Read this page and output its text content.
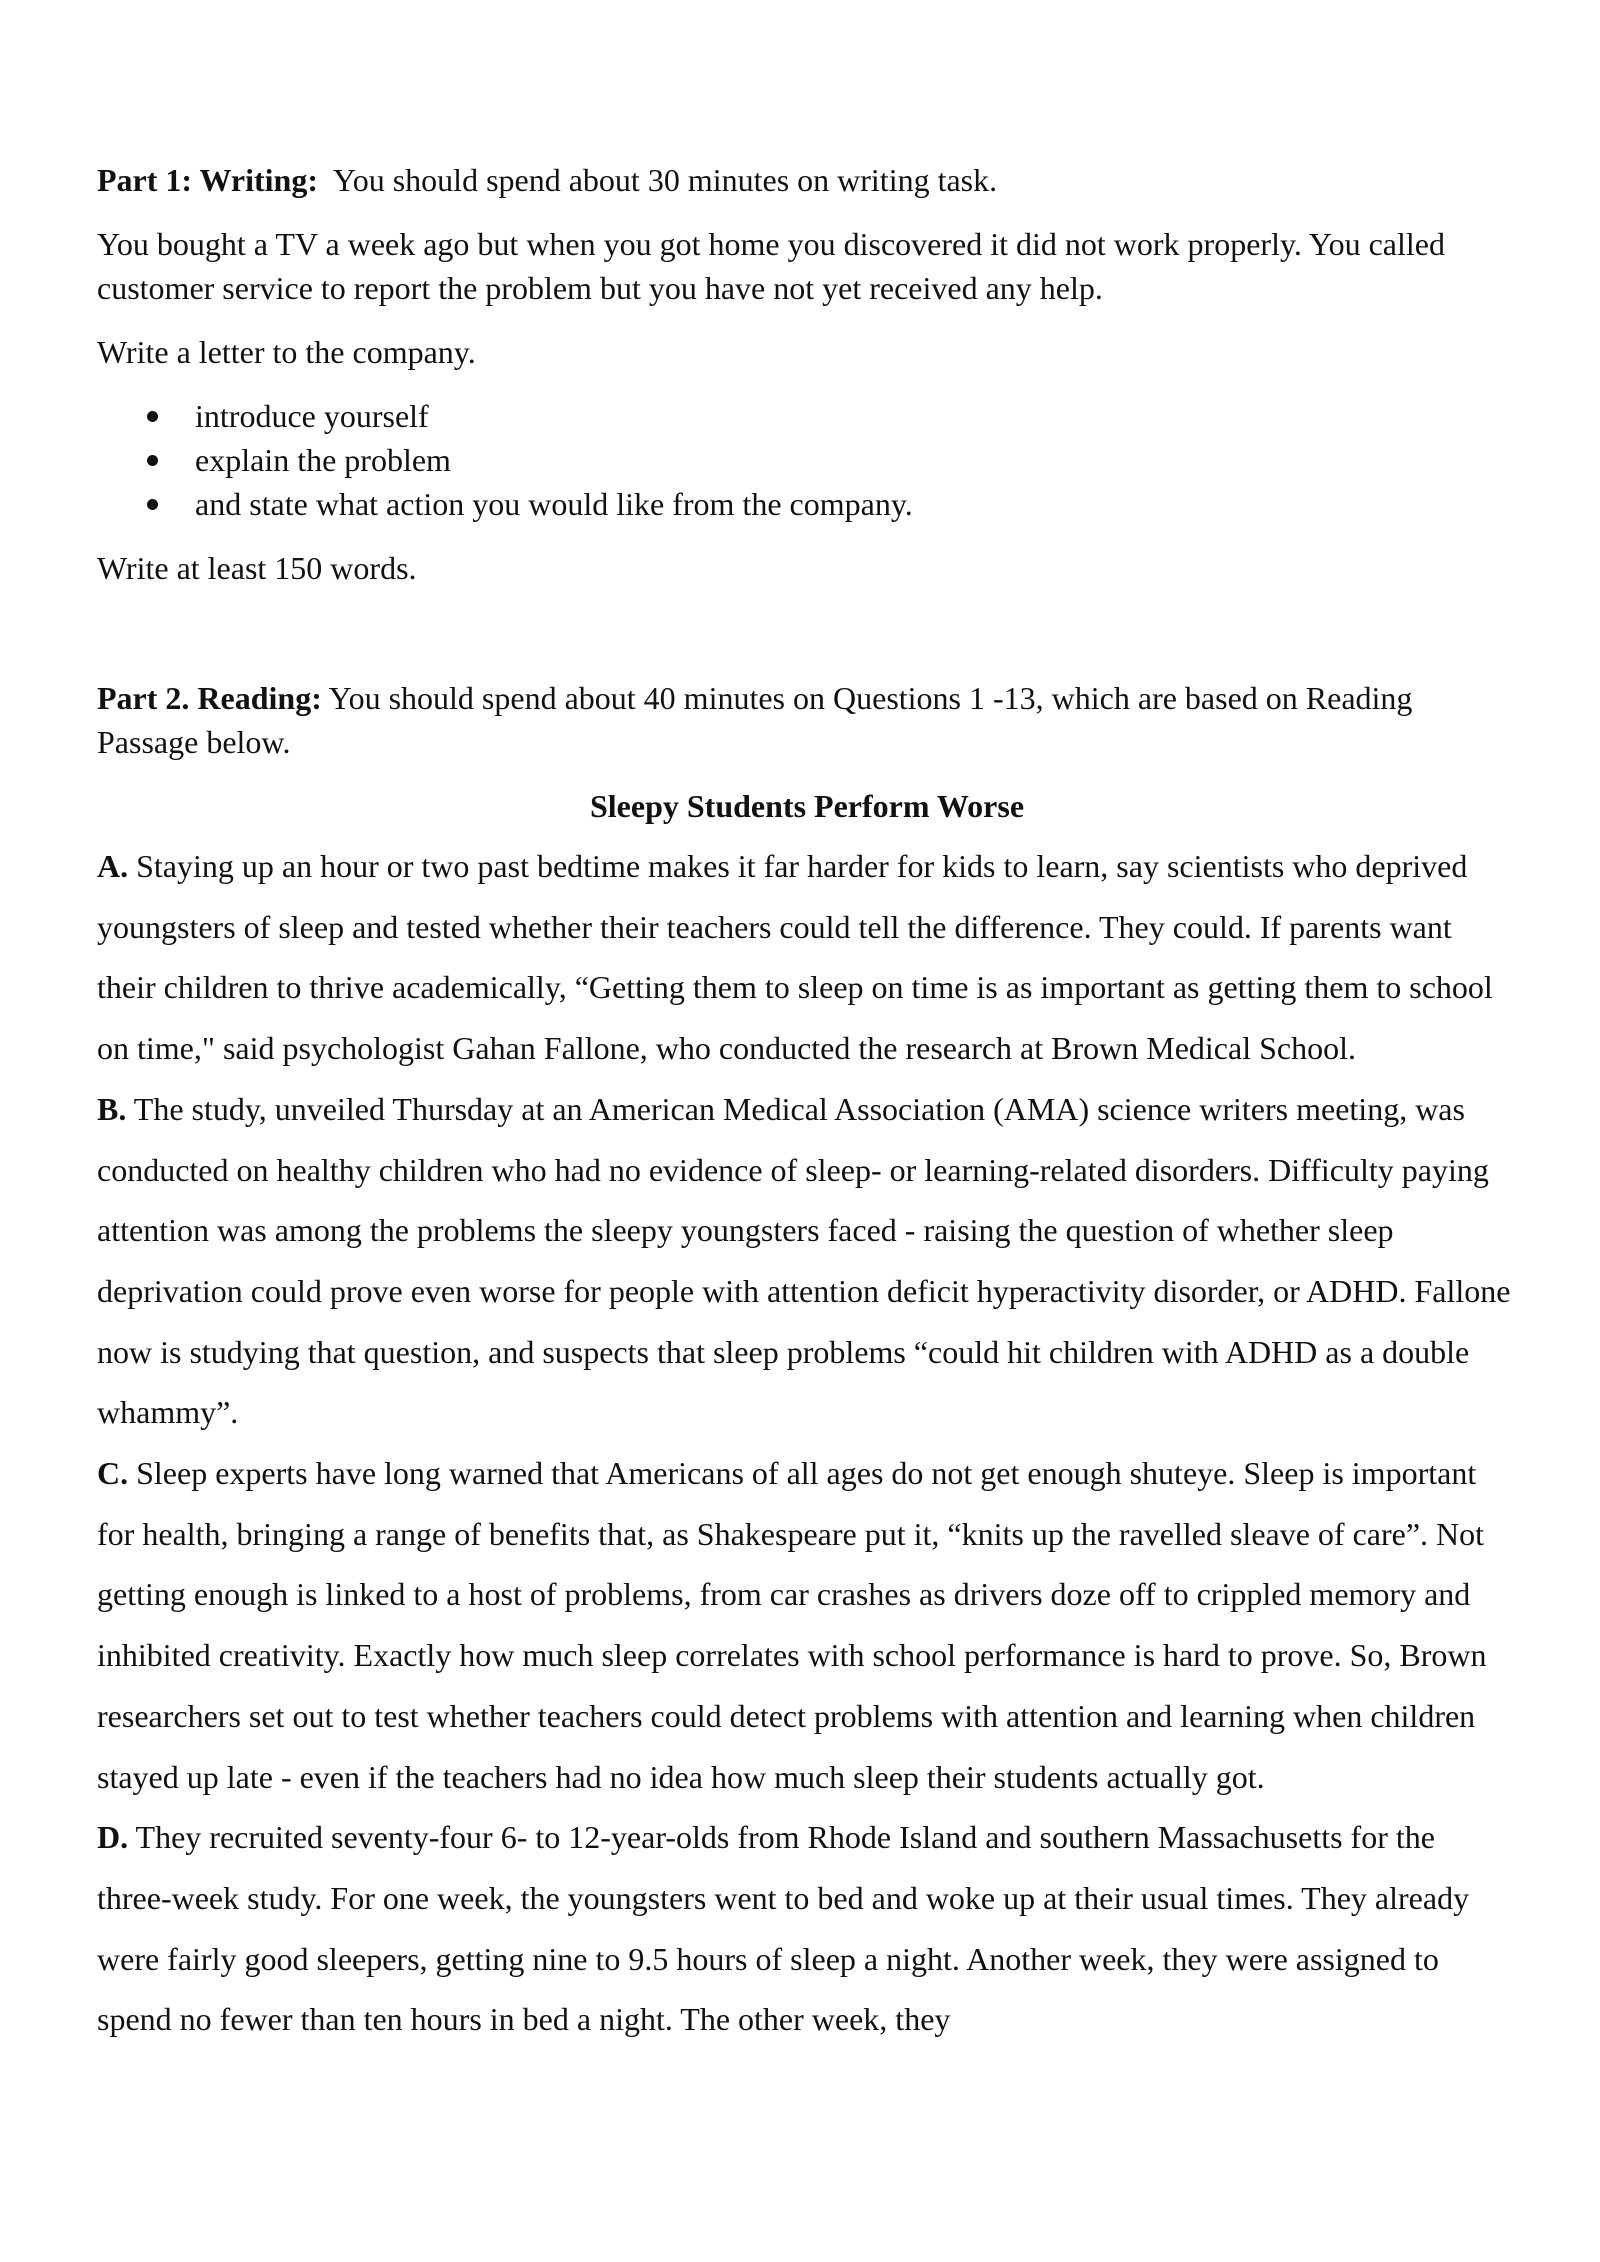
Part 1: Writing: You should spend about 30 minutes on writing task.

You bought a TV a week ago but when you got home you discovered it did not work properly. You called customer service to report the problem but you have not yet received any help.

Write a letter to the company.

introduce yourself
explain the problem
and state what action you would like from the company.

Write at least 150 words.

Part 2. Reading: You should spend about 40 minutes on Questions 1 -13, which are based on Reading Passage below.

Sleepy Students Perform Worse

A. Staying up an hour or two past bedtime makes it far harder for kids to learn, say scientists who deprived youngsters of sleep and tested whether their teachers could tell the difference. They could. If parents want their children to thrive academically, “Getting them to sleep on time is as important as getting them to school on time," said psychologist Gahan Fallone, who conducted the research at Brown Medical School.

B. The study, unveiled Thursday at an American Medical Association (AMA) science writers meeting, was conducted on healthy children who had no evidence of sleep- or learning-related disorders. Difficulty paying attention was among the problems the sleepy youngsters faced - raising the question of whether sleep deprivation could prove even worse for people with attention deficit hyperactivity disorder, or ADHD. Fallone now is studying that question, and suspects that sleep problems “could hit children with ADHD as a double whammy”.

C. Sleep experts have long warned that Americans of all ages do not get enough shuteye. Sleep is important for health, bringing a range of benefits that, as Shakespeare put it, “knits up the ravelled sleave of care”. Not getting enough is linked to a host of problems, from car crashes as drivers doze off to crippled memory and inhibited creativity. Exactly how much sleep correlates with school performance is hard to prove. So, Brown researchers set out to test whether teachers could detect problems with attention and learning when children stayed up late - even if the teachers had no idea how much sleep their students actually got.

D. They recruited seventy-four 6- to 12-year-olds from Rhode Island and southern Massachusetts for the three-week study. For one week, the youngsters went to bed and woke up at their usual times. They already were fairly good sleepers, getting nine to 9.5 hours of sleep a night. Another week, they were assigned to spend no fewer than ten hours in bed a night. The other week, they
